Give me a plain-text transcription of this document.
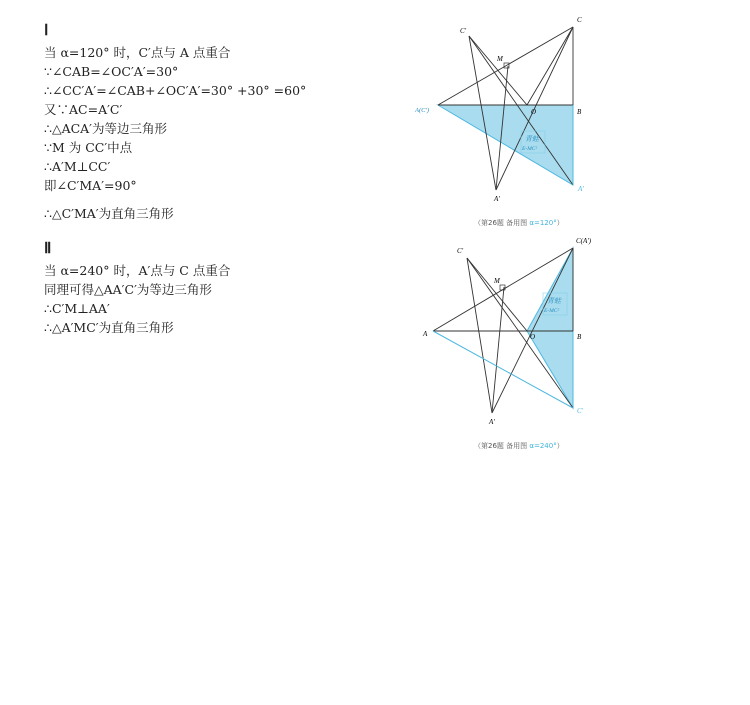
Ⅰ
当 α=120° 时，C′点与 A 点重合
∵∠CAB=∠OC′A′=30°
∴∠CC′A′=∠CAB+∠OC′A′=30° +30° =60°
又∵AC=A′C′
∴△ACA′为等边三角形
∵M 为 CC′中点
∴A′M⊥CC′
即∠C′MA′=90°
∴△C′MA′为直角三角形
Ⅱ
当 α=240° 时，A′点与 C 点重合
同理可得△AA′C′为等边三角形
∴C′M⊥AA′
∴△A′MC′为直角三角形
C′
C
M
A(C′)	O	B
A′
A′
青蛙
E-MC²
（第26题 备用图 α=120°）
C′
C(A′)
M
A	O	B
A′
C′
青蛙
E-MC²
（第26题 备用图 α=240°）
